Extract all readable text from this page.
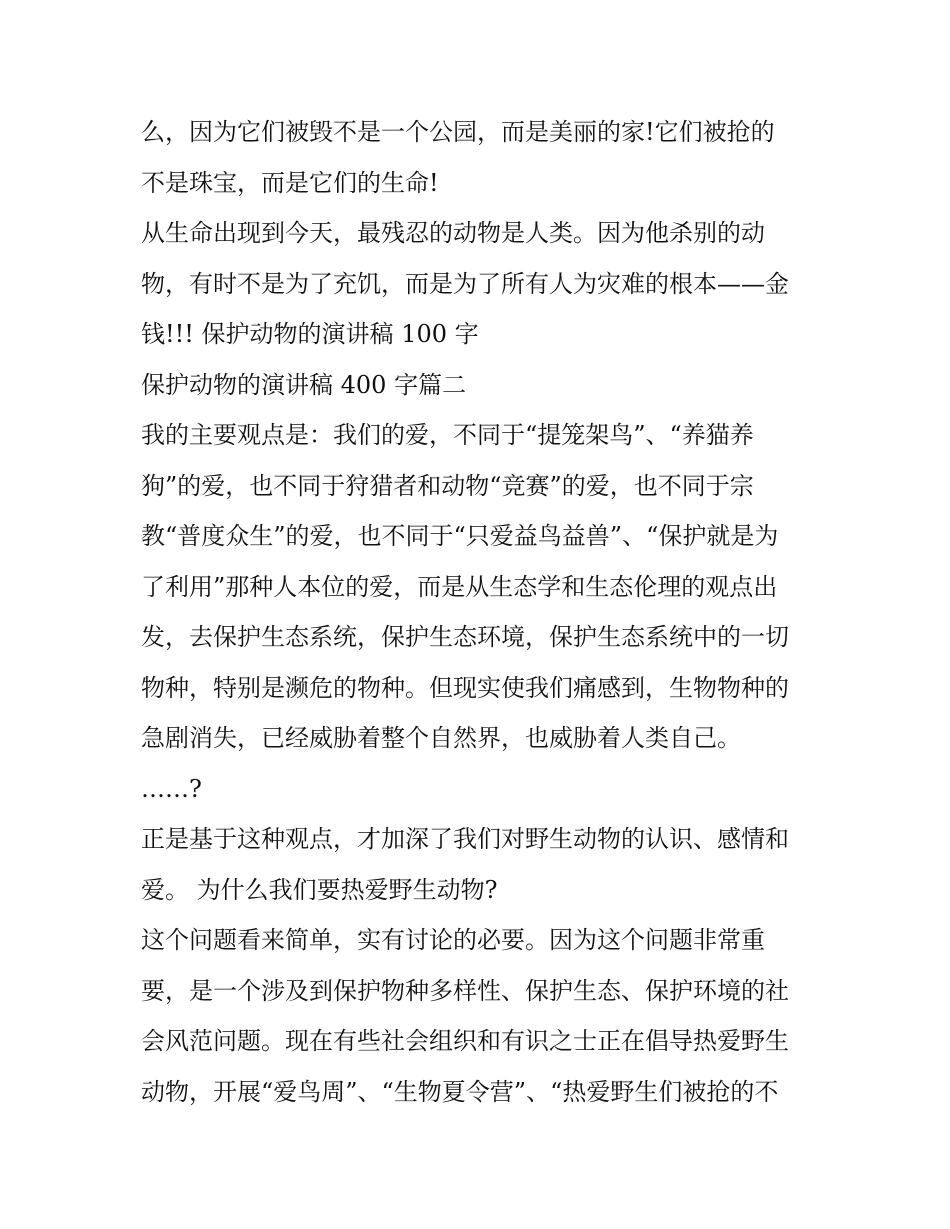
么，因为它们被毁不是一个公园，而是美丽的家!它们被抢的
不是珠宝，而是它们的生命!
从生命出现到今天，最残忍的动物是人类。因为他杀别的动
物，有时不是为了充饥，而是为了所有人为灾难的根本——金
钱!!! 保护动物的演讲稿 100 字
保护动物的演讲稿 400 字篇二
我的主要观点是：我们的爱，不同于“提笼架鸟”、“养猫养
狗”的爱，也不同于狩猎者和动物“竞赛”的爱，也不同于宗
教“普度众生”的爱，也不同于“只爱益鸟益兽”、“保护就是为
了利用”那种人本位的爱，而是从生态学和生态伦理的观点出
发，去保护生态系统，保护生态环境，保护生态系统中的一切
物种，特别是濒危的物种。但现实使我们痛感到，生物物种的
急剧消失，已经威胁着整个自然界，也威胁着人类自己。
……?
正是基于这种观点，才加深了我们对野生动物的认识、感情和
爱。 为什么我们要热爱野生动物?
这个问题看来简单，实有讨论的必要。因为这个问题非常重
要，是一个涉及到保护物种多样性、保护生态、保护环境的社
会风范问题。现在有些社会组织和有识之士正在倡导热爱野生
动物，开展“爱鸟周”、“生物夏令营”、“热爱野生们被抢的不
